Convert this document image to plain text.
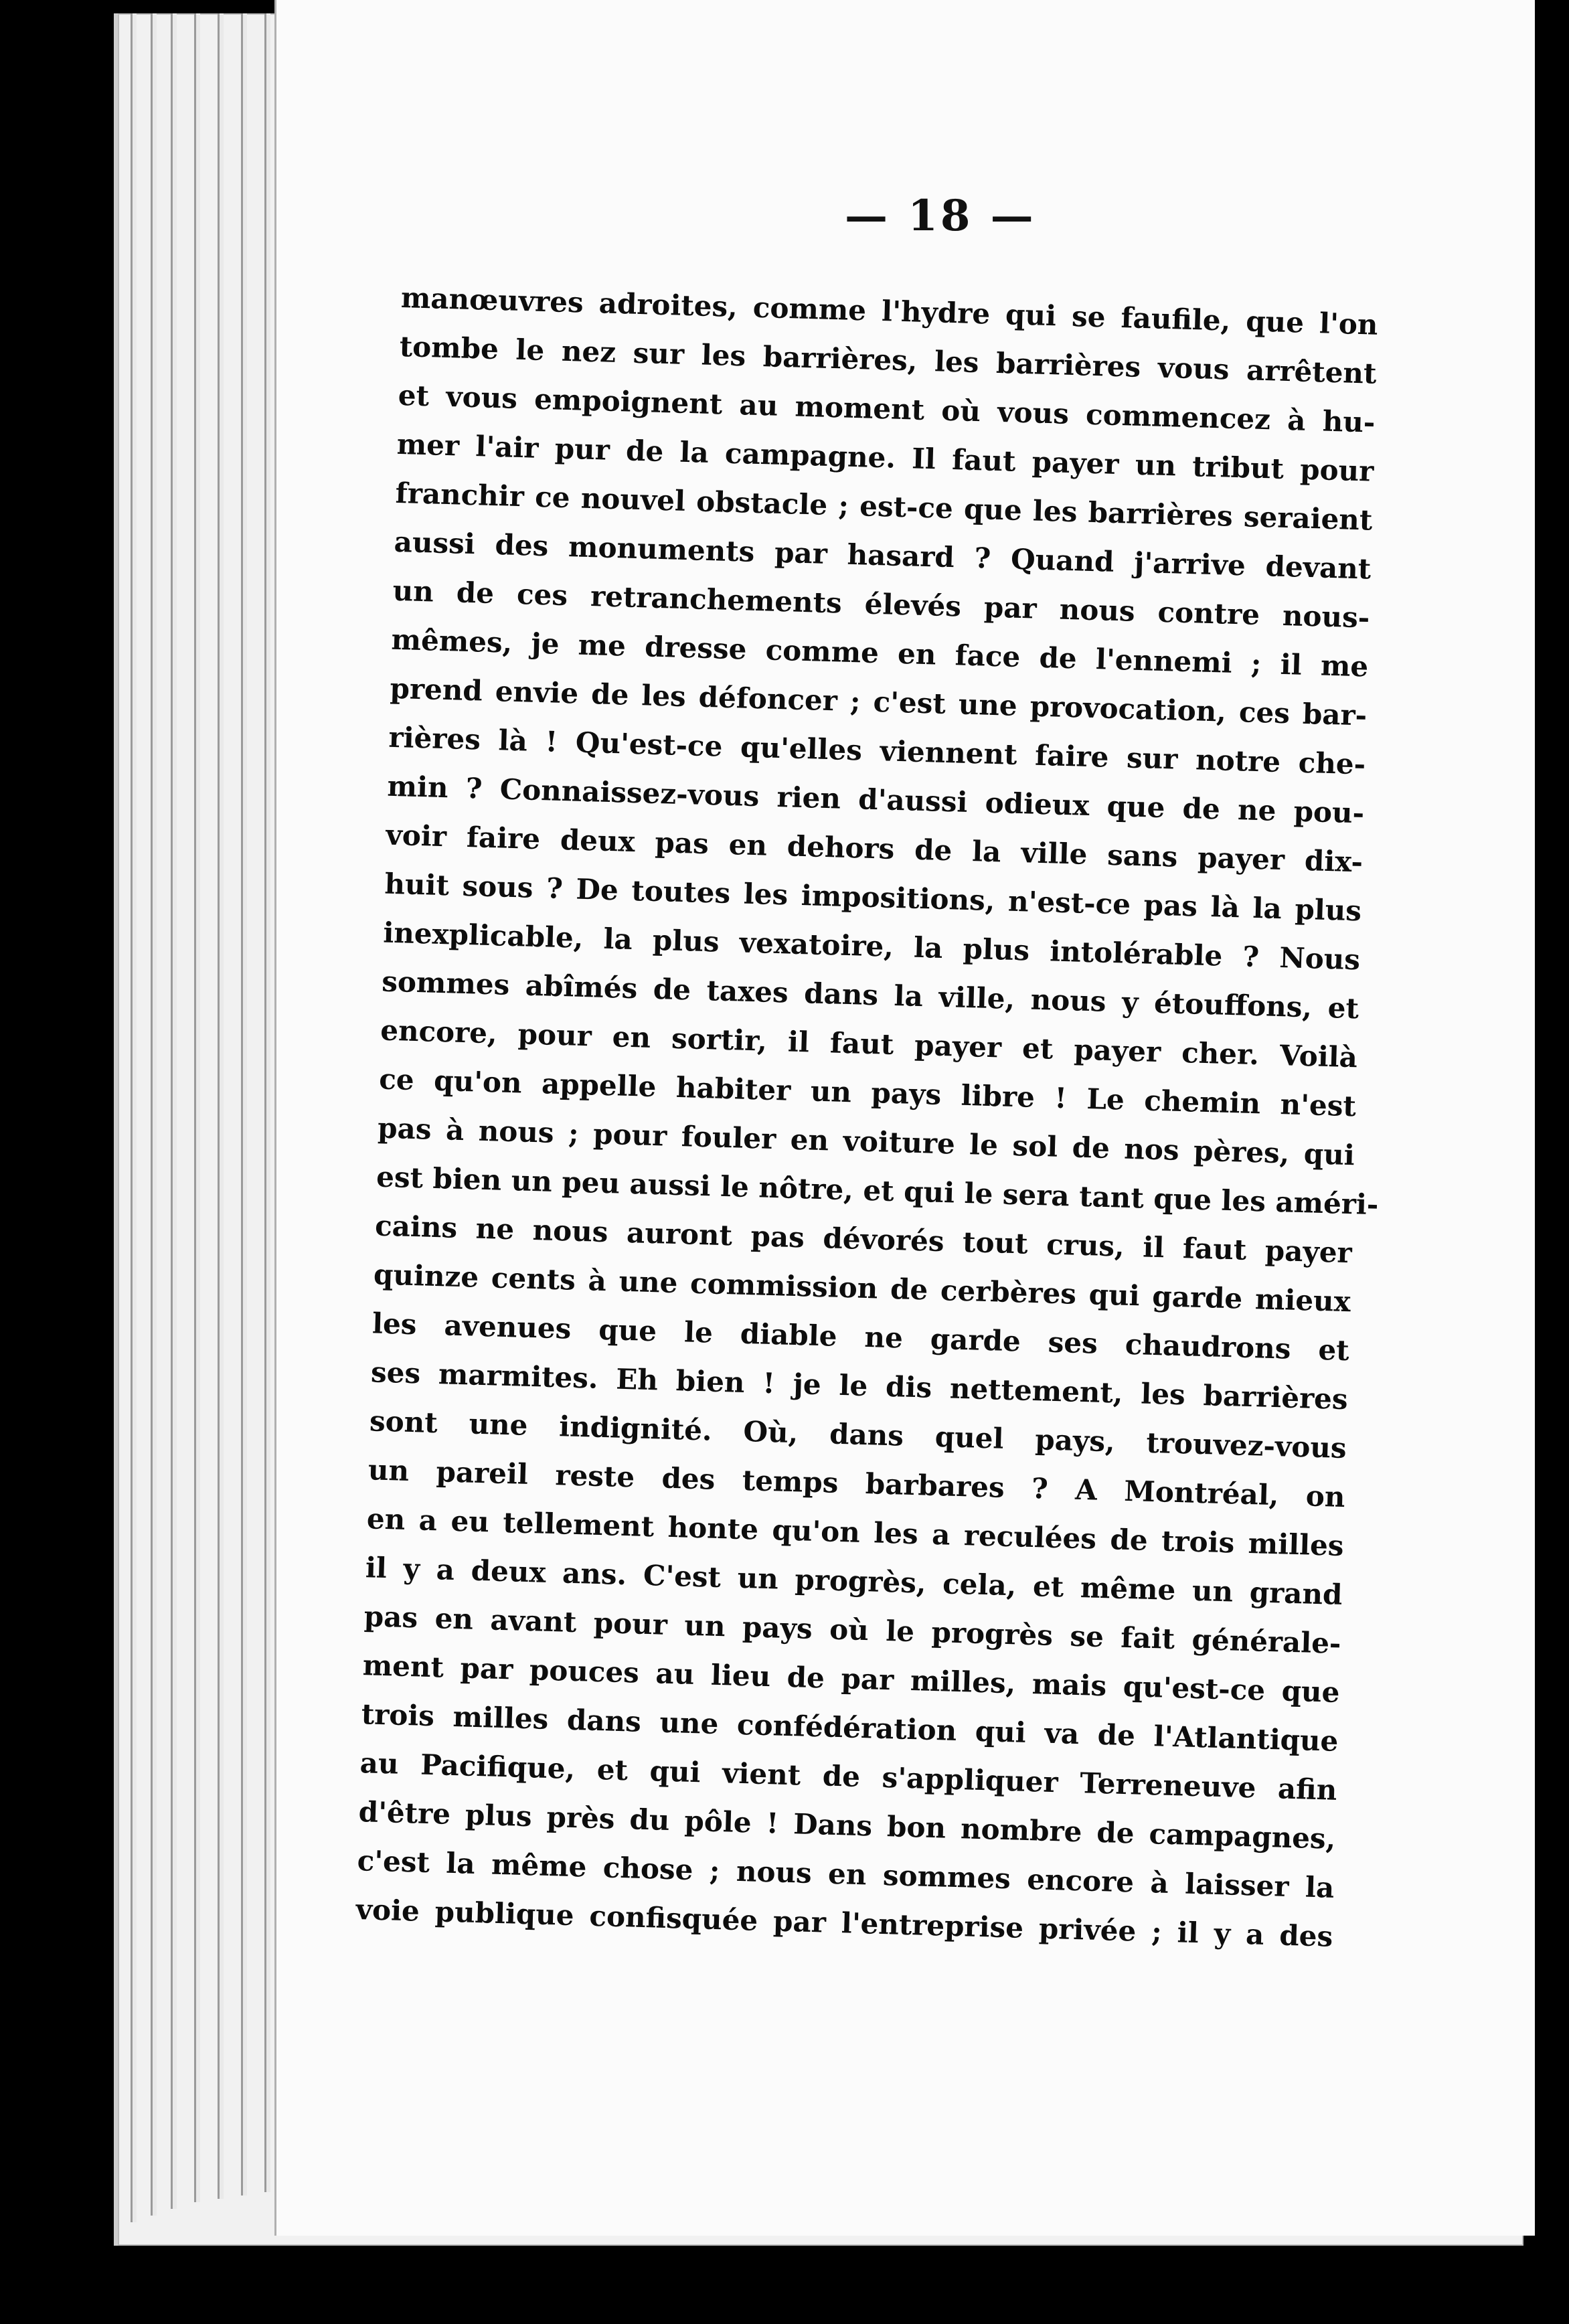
— 18 —
manœuvres adroites, comme l'hydre qui se faufile, que l'on
tombe le nez sur les barrières, les barrières vous arrêtent
et vous empoignent au moment où vous commencez à hu-
mer l'air pur de la campagne. Il faut payer un tribut pour
franchir ce nouvel obstacle ; est-ce que les barrières seraient
aussi des monuments par hasard ? Quand j'arrive devant
un de ces retranchements élevés par nous contre nous-
mêmes, je me dresse comme en face de l'ennemi ; il me
prend envie de les défoncer ; c'est une provocation, ces bar-
rières là ! Qu'est-ce qu'elles viennent faire sur notre che-
min ? Connaissez-vous rien d'aussi odieux que de ne pou-
voir faire deux pas en dehors de la ville sans payer dix-
huit sous ? De toutes les impositions, n'est-ce pas là la plus
inexplicable, la plus vexatoire, la plus intolérable ? Nous
sommes abîmés de taxes dans la ville, nous y étouffons, et
encore, pour en sortir, il faut payer et payer cher. Voilà
ce qu'on appelle habiter un pays libre ! Le chemin n'est
pas à nous ; pour fouler en voiture le sol de nos pères, qui
est bien un peu aussi le nôtre, et qui le sera tant que les améri-
cains ne nous auront pas dévorés tout crus, il faut payer
quinze cents à une commission de cerbères qui garde mieux
les avenues que le diable ne garde ses chaudrons et
ses marmites. Eh bien ! je le dis nettement, les barrières
sont une indignité. Où, dans quel pays, trouvez-vous
un pareil reste des temps barbares ? A Montréal, on
en a eu tellement honte qu'on les a reculées de trois milles
il y a deux ans. C'est un progrès, cela, et même un grand
pas en avant pour un pays où le progrès se fait générale-
ment par pouces au lieu de par milles, mais qu'est-ce que
trois milles dans une confédération qui va de l'Atlantique
au Pacifique, et qui vient de s'appliquer Terreneuve afin
d'être plus près du pôle ! Dans bon nombre de campagnes,
c'est la même chose ; nous en sommes encore à laisser la
voie publique confisquée par l'entreprise privée ; il y a des
